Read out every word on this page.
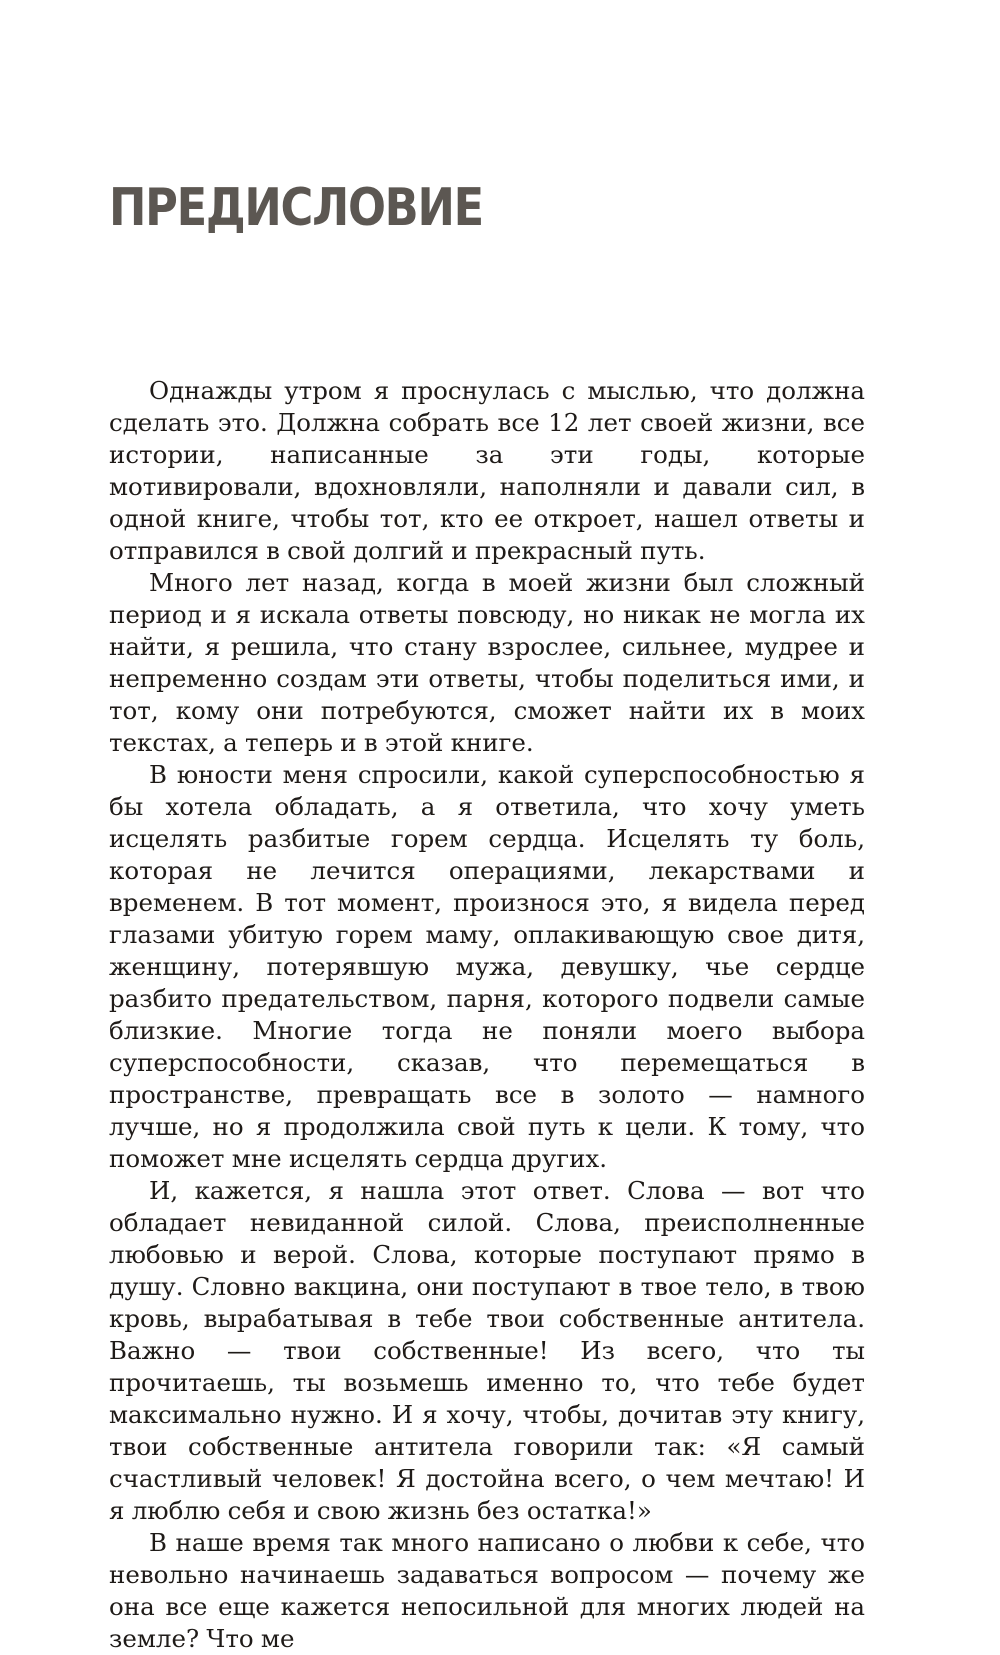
ПРЕДИСЛОВИЕ

Однажды утром я проснулась с мыслью, что должна сделать это. Должна собрать все 12 лет своей жизни, все истории, написанные за эти годы, которые мотивировали, вдохновляли, наполняли и давали сил, в одной книге, чтобы тот, кто ее откроет, нашел ответы и отправился в свой долгий и прекрасный путь.

Много лет назад, когда в моей жизни был сложный период и я искала ответы повсюду, но никак не могла их найти, я решила, что стану взрослее, сильнее, мудрее и непременно создам эти ответы, чтобы поделиться ими, и тот, кому они потребуются, сможет найти их в моих текстах, а теперь и в этой книге.

В юности меня спросили, какой суперспособностью я бы хотела обладать, а я ответила, что хочу уметь исцелять разбитые горем сердца. Исцелять ту боль, которая не лечится операциями, лекарствами и временем. В тот момент, произнося это, я видела перед глазами убитую горем маму, оплакивающую свое дитя, женщину, потерявшую мужа, девушку, чье сердце разбито предательством, парня, которого подвели самые близкие. Многие тогда не поняли моего выбора суперспособности, сказав, что перемещаться в пространстве, превращать все в золото — намного лучше, но я продолжила свой путь к цели. К тому, что поможет мне исцелять сердца других.

И, кажется, я нашла этот ответ. Слова — вот что обладает невиданной силой. Слова, преисполненные любовью и верой. Слова, которые поступают прямо в душу. Словно вакцина, они поступают в твое тело, в твою кровь, вырабатывая в тебе твои собственные антитела. Важно — твои собственные! Из всего, что ты прочитаешь, ты возьмешь именно то, что тебе будет максимально нужно. И я хочу, чтобы, дочитав эту книгу, твои собственные антитела говорили так: «Я самый счастливый человек! Я достойна всего, о чем мечтаю! И я люблю себя и свою жизнь без остатка!»

В наше время так много написано о любви к себе, что невольно начинаешь задаваться вопросом — почему же она все еще кажется непосильной для многих людей на земле? Что ме
